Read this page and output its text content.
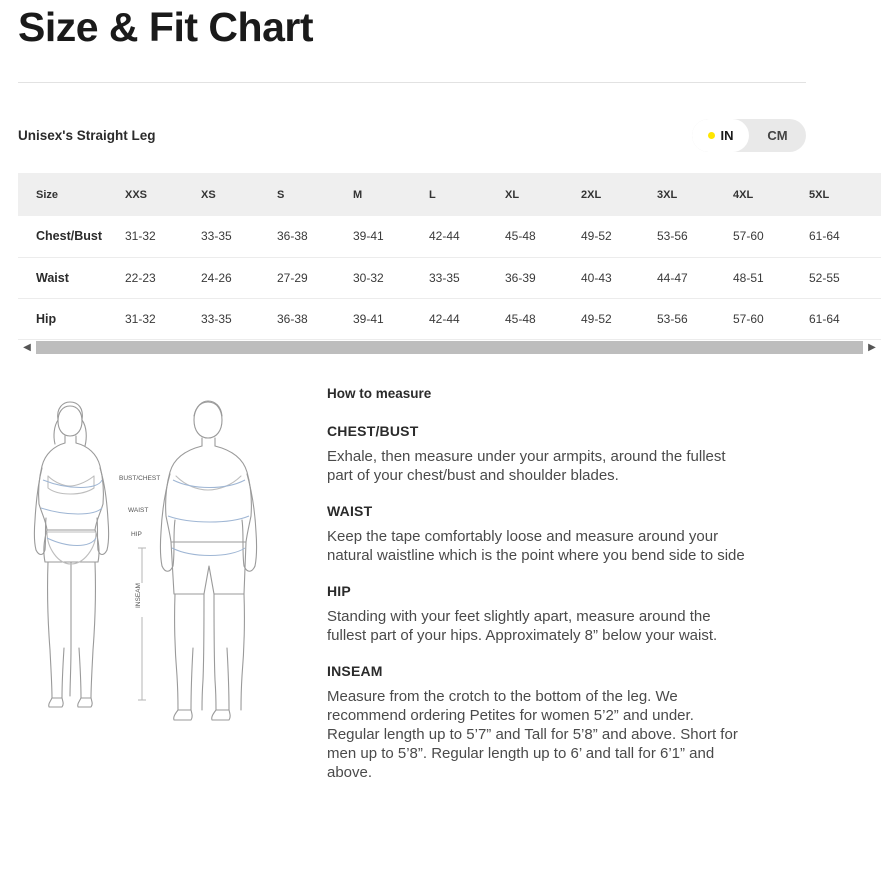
Size & Fit Chart
Unisex's Straight Leg	IN	CM
Size	XXS	XS	S	M	L	XL	2XL	3XL	4XL	5XL
Chest/Bust	31-32	33-35	36-38	39-41	42-44	45-48	49-52	53-56	57-60	61-64
Waist	22-23	24-26	27-29	30-32	33-35	36-39	40-43	44-47	48-51	52-55
Hip	31-32	33-35	36-38	39-41	42-44	45-48	49-52	53-56	57-60	61-64
◀	▶
BUST/CHEST
WAIST
HIP
INSEAM
How to measure
CHEST/BUST

Exhale, then measure under your armpits, around the fullest part of your chest/bust and shoulder blades.

WAIST

Keep the tape comfortably loose and measure around your natural waistline which is the point where you bend side to side

HIP

Standing with your feet slightly apart, measure around the fullest part of your hips. Approximately 8” below your waist.

INSEAM

Measure from the crotch to the bottom of the leg. We recommend ordering Petites for women 5’2” and under. Regular length up to 5’7” and Tall for 5’8” and above. Short for men up to 5’8”. Regular length up to 6’ and tall for 6’1” and above.
